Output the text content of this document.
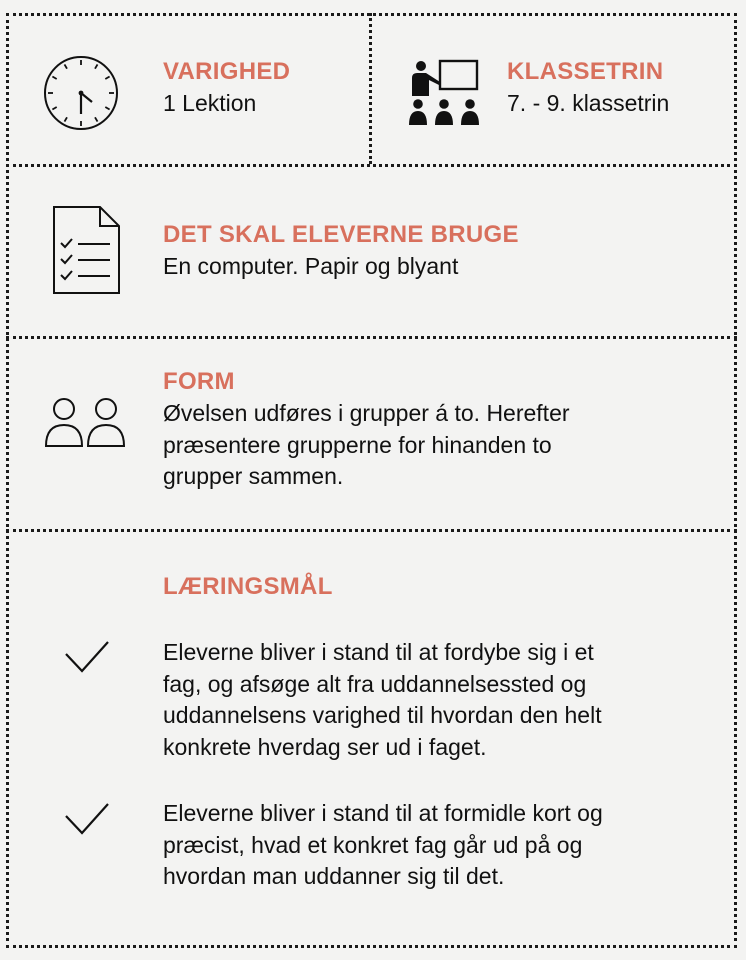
VARIGHED
1 Lektion
KLASSETRIN
7. - 9. klassetrin
DET SKAL ELEVERNE BRUGE
En computer. Papir og blyant
FORM
Øvelsen udføres i grupper á to. Herefter
præsentere grupperne for hinanden to
grupper sammen.
LÆRINGSMÅL
Eleverne bliver i stand til at fordybe sig i et
fag, og afsøge alt fra uddannelsessted og
uddannelsens varighed til hvordan den helt
konkrete hverdag ser ud i faget.
Eleverne bliver i stand til at formidle kort og
præcist, hvad et konkret fag går ud på og
hvordan man uddanner sig til det.
